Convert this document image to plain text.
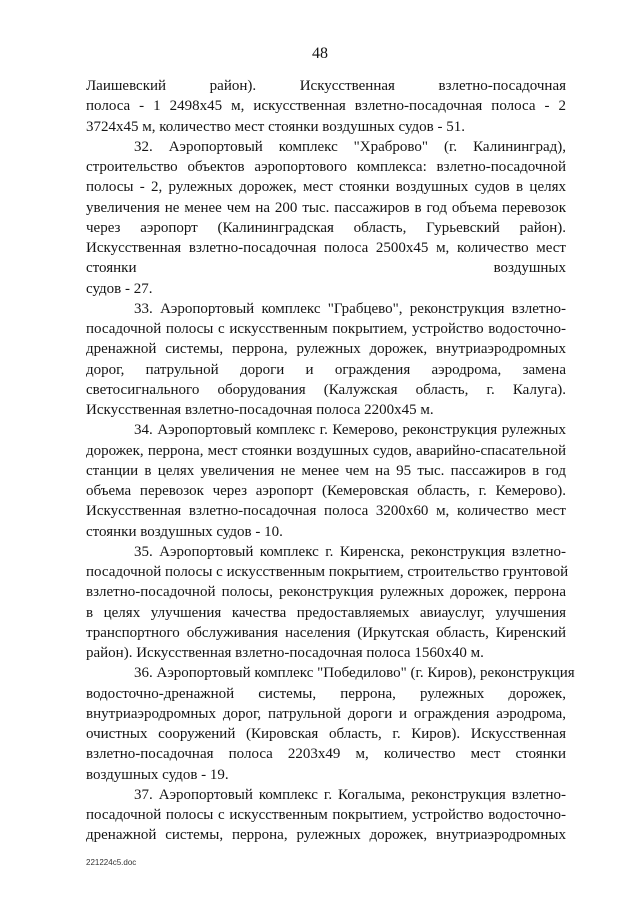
48
Лаишевский район). Искусственная взлетно-посадочная
полоса - 1 2498х45 м, искусственная взлетно-посадочная полоса - 2
3724х45 м, количество мест стоянки воздушных судов - 51.
32. Аэропортовый комплекс "Храброво" (г. Калининград),
строительство объектов аэропортового комплекса: взлетно-посадочной
полосы - 2, рулежных дорожек, мест стоянки воздушных судов в целях
увеличения не менее чем на 200 тыс. пассажиров в год объема перевозок
через аэропорт (Калининградская область, Гурьевский район).
Искусственная взлетно-посадочная полоса 2500х45 м, количество мест
стоянки воздушных
судов - 27.
33. Аэропортовый комплекс "Грабцево", реконструкция взлетно-
посадочной полосы с искусственным покрытием, устройство водосточно-
дренажной системы, перрона, рулежных дорожек, внутриаэродромных
дорог, патрульной дороги и ограждения аэродрома, замена
светосигнального оборудования (Калужская область, г. Калуга).
Искусственная взлетно-посадочная полоса 2200х45 м.
34. Аэропортовый комплекс г. Кемерово, реконструкция рулежных
дорожек, перрона, мест стоянки воздушных судов, аварийно-спасательной
станции в целях увеличения не менее чем на 95 тыс. пассажиров в год
объема перевозок через аэропорт (Кемеровская область, г. Кемерово).
Искусственная взлетно-посадочная полоса 3200х60 м, количество мест
стоянки воздушных судов - 10.
35. Аэропортовый комплекс г. Киренска, реконструкция взлетно-
посадочной полосы с искусственным покрытием, строительство грунтовой
взлетно-посадочной полосы, реконструкция рулежных дорожек, перрона
в целях улучшения качества предоставляемых авиауслуг, улучшения
транспортного обслуживания населения (Иркутская область, Киренский
район). Искусственная взлетно-посадочная полоса 1560х40 м.
36. Аэропортовый комплекс "Победилово" (г. Киров), реконструкция
водосточно-дренажной системы, перрона, рулежных дорожек,
внутриаэродромных дорог, патрульной дороги и ограждения аэродрома,
очистных сооружений (Кировская область, г. Киров). Искусственная
взлетно-посадочная полоса 2203х49 м, количество мест стоянки
воздушных судов - 19.
37. Аэропортовый комплекс г. Когалыма, реконструкция взлетно-
посадочной полосы с искусственным покрытием, устройство водосточно-
дренажной системы, перрона, рулежных дорожек, внутриаэродромных
221224c5.doc
